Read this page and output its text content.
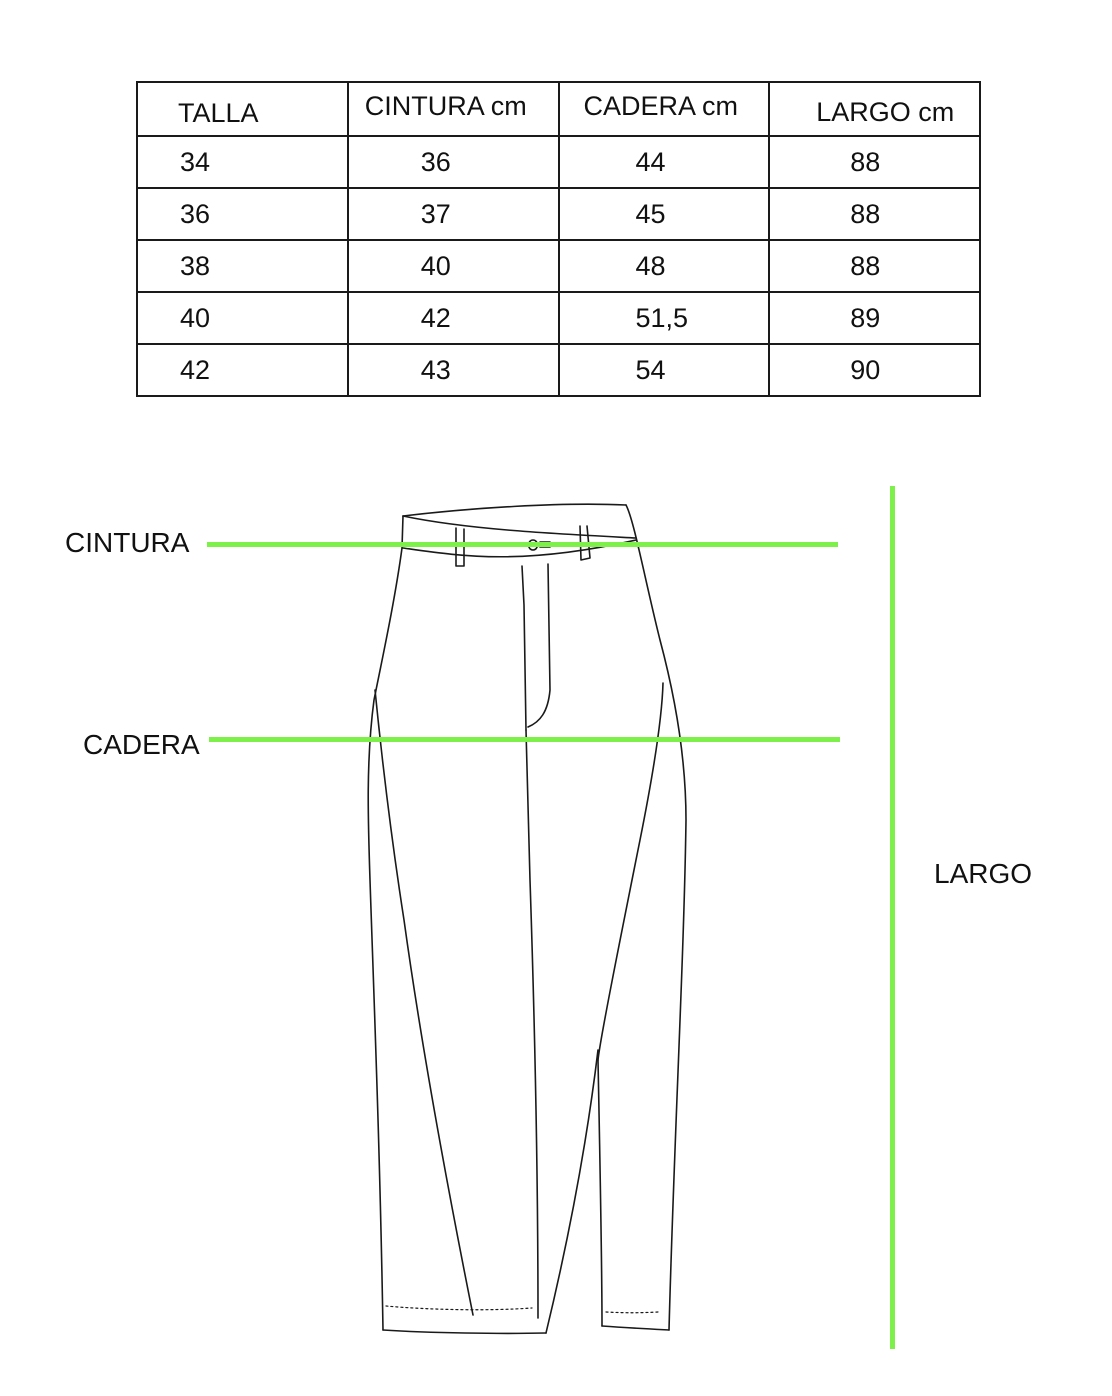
TALLA	CINTURA cm	CADERA cm	LARGO cm
34	36	44	88
36	37	45	88
38	40	48	88
40	42	51,5	89
42	43	54	90
CINTURA
CADERA
LARGO
